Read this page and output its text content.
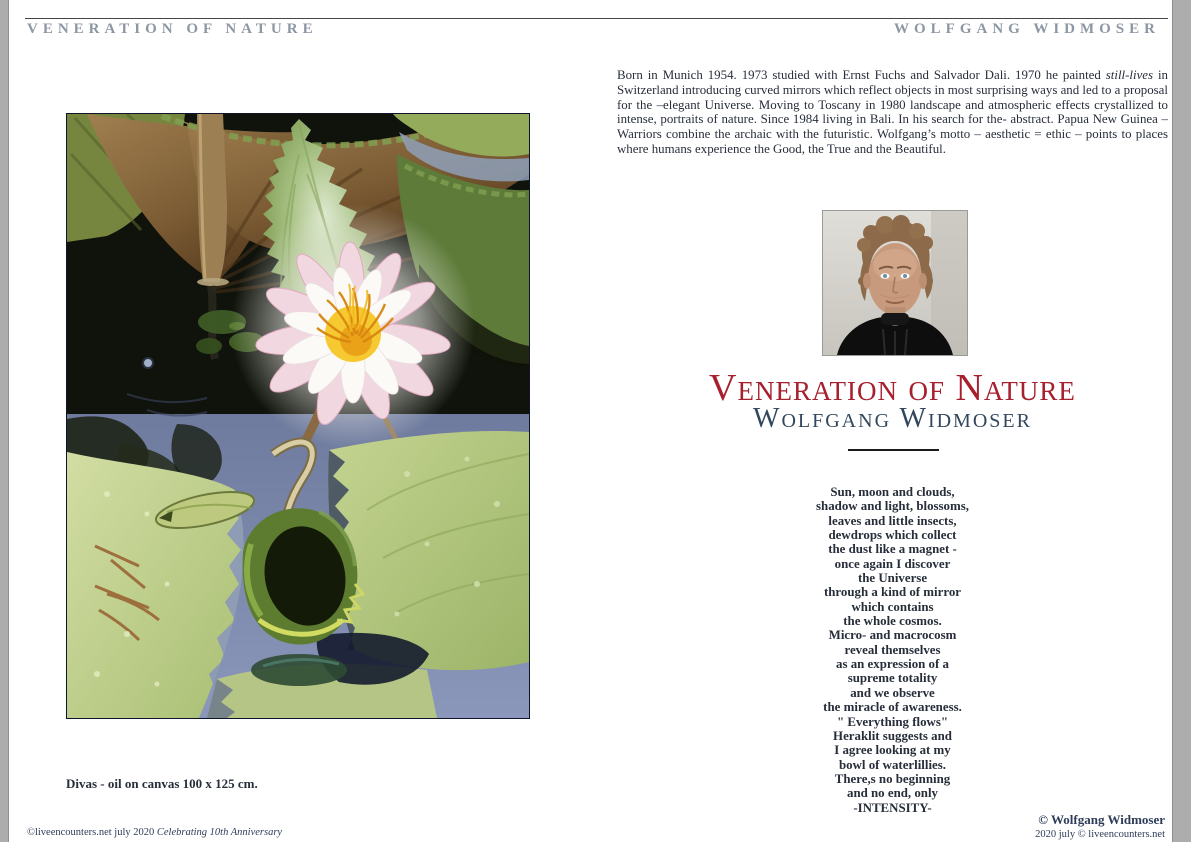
VENERATION OF NATURE	WOLFGANG WIDMOSER
Divas - oil on canvas 100 x 125 cm.
Born in Munich 1954. 1973 studied with Ernst Fuchs and Salvador Dali. 1970 he painted still-lives in Switzerland introducing curved mirrors which reflect objects in most surprising ways and led to a proposal for the –elegant Universe. Moving to Toscany in 1980 landscape and atmospheric effects crystallized to intense, portraits of nature. Since 1984 living in Bali. In his search for the- abstract. Papua New Guinea – Warriors combine the archaic with the futuristic. Wolfgang’s motto – aesthetic = ethic – points to places where humans experience the Good, the True and the Beautiful.
Veneration of Nature
Wolfgang Widmoser
Sun, moon and clouds,
shadow and light, blossoms,
leaves and little insects,
dewdrops which collect
the dust like a magnet -
once again I discover
the Universe
through a kind of mirror
which contains
the whole cosmos.
Micro- and macrocosm
reveal themselves
as an expression of a
supreme totality
and we observe
the miracle of awareness.
" Everything flows"
Heraklit suggests and
I agree looking at my
bowl of waterlillies.
There,s no beginning
and no end, only
-INTENSITY-
©liveencounters.net july 2020 Celebrating 10th Anniversary
© Wolfgang Widmoser
2020 july © liveencounters.net
